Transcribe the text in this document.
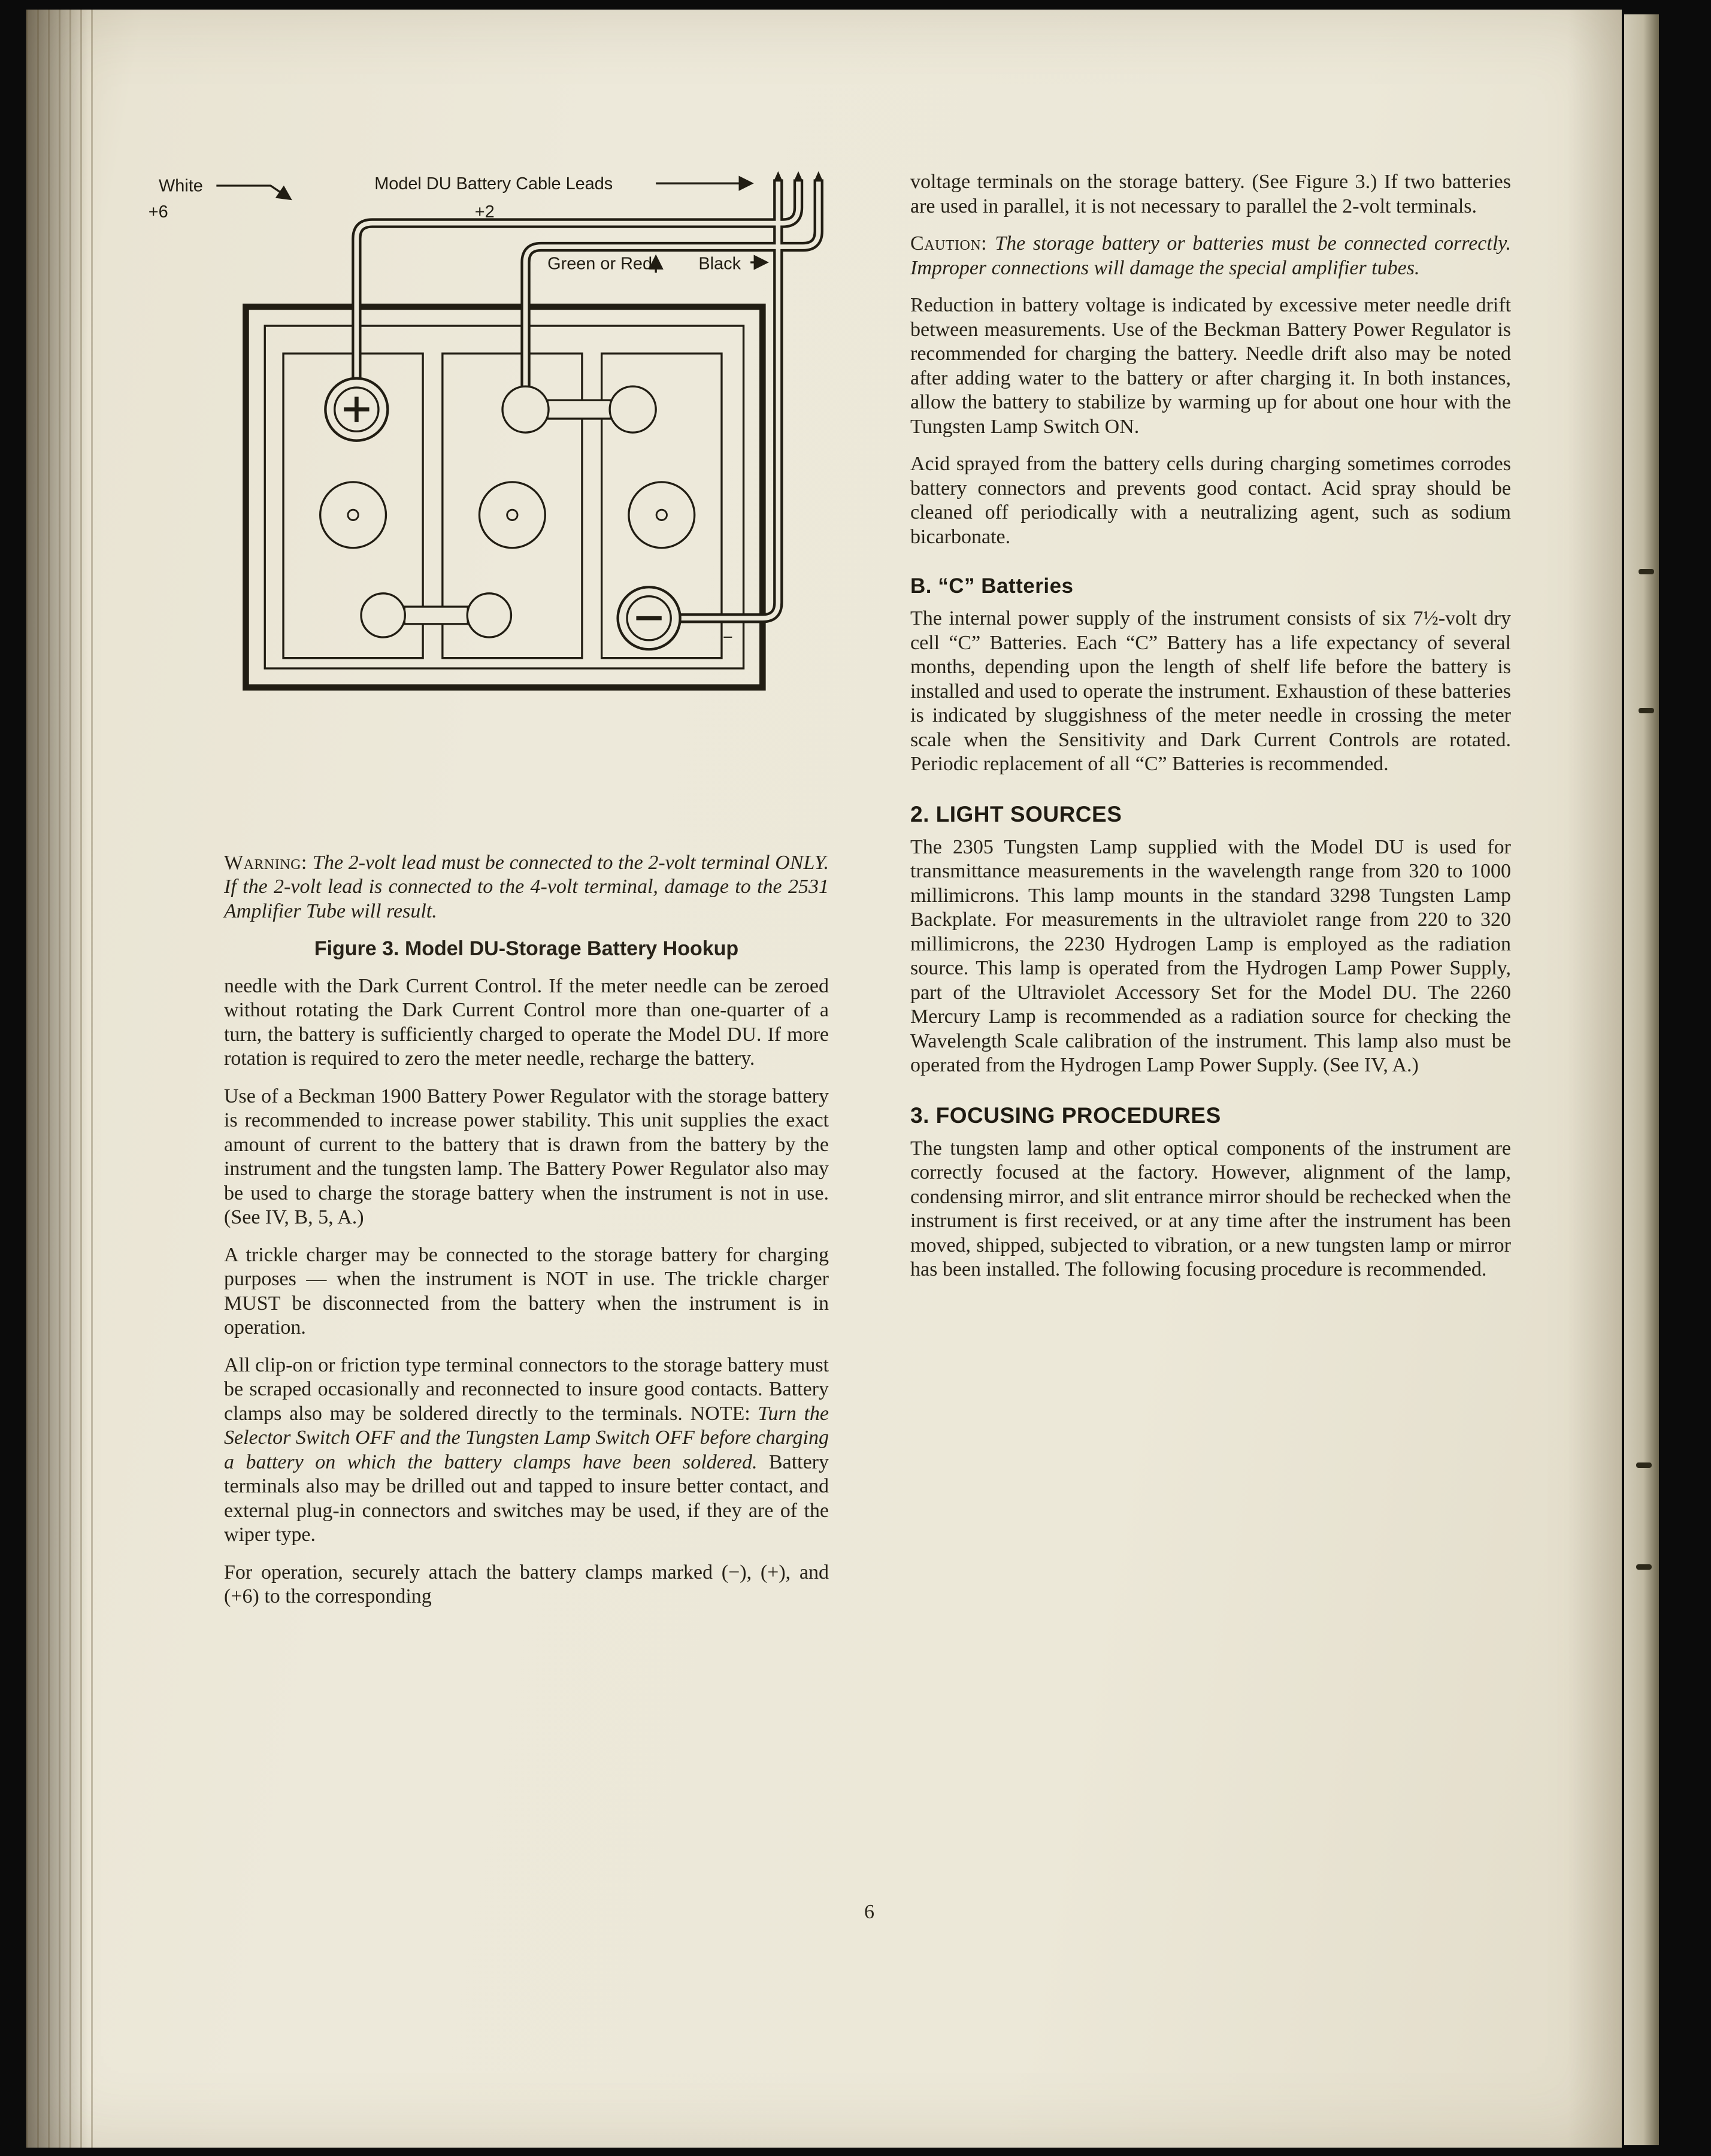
White	Model DU Battery Cable Leads
+6	+2
Green or Red	Black
−

Warning: The 2-volt lead must be connected to the 2-volt terminal ONLY. If the 2-volt lead is connected to the 4-volt terminal, damage to the 2531 Amplifier Tube will result.

Figure 3. Model DU-Storage Battery Hookup

needle with the Dark Current Control. If the meter needle can be zeroed without rotating the Dark Current Control more than one-quarter of a turn, the battery is sufficiently charged to operate the Model DU. If more rotation is required to zero the meter needle, recharge the battery.

Use of a Beckman 1900 Battery Power Regulator with the storage battery is recommended to increase power stability. This unit supplies the exact amount of current to the battery that is drawn from the battery by the instrument and the tungsten lamp. The Battery Power Regulator also may be used to charge the storage battery when the instrument is not in use. (See IV, B, 5, A.)

A trickle charger may be connected to the storage battery for charging purposes — when the instrument is NOT in use. The trickle charger MUST be disconnected from the battery when the instrument is in operation.

All clip-on or friction type terminal connectors to the storage battery must be scraped occasionally and reconnected to insure good contacts. Battery clamps also may be soldered directly to the terminals. NOTE: Turn the Selector Switch OFF and the Tungsten Lamp Switch OFF before charging a battery on which the battery clamps have been soldered. Battery terminals also may be drilled out and tapped to insure better contact, and external plug-in connectors and switches may be used, if they are of the wiper type.

For operation, securely attach the battery clamps marked (−), (+), and (+6) to the corresponding

voltage terminals on the storage battery. (See Figure 3.) If two batteries are used in parallel, it is not necessary to parallel the 2-volt terminals.

Caution: The storage battery or batteries must be connected correctly. Improper connections will damage the special amplifier tubes.

Reduction in battery voltage is indicated by excessive meter needle drift between measurements. Use of the Beckman Battery Power Regulator is recommended for charging the battery. Needle drift also may be noted after adding water to the battery or after charging it. In both instances, allow the battery to stabilize by warming up for about one hour with the Tungsten Lamp Switch ON.

Acid sprayed from the battery cells during charging sometimes corrodes battery connectors and prevents good contact. Acid spray should be cleaned off periodically with a neutralizing agent, such as sodium bicarbonate.

B. “C” Batteries

The internal power supply of the instrument consists of six 7½-volt dry cell “C” Batteries. Each “C” Battery has a life expectancy of several months, depending upon the length of shelf life before the battery is installed and used to operate the instrument. Exhaustion of these batteries is indicated by sluggishness of the meter needle in crossing the meter scale when the Sensitivity and Dark Current Controls are rotated. Periodic replacement of all “C” Batteries is recommended.

2. LIGHT SOURCES

The 2305 Tungsten Lamp supplied with the Model DU is used for transmittance measurements in the wavelength range from 320 to 1000 millimicrons. This lamp mounts in the standard 3298 Tungsten Lamp Backplate. For measurements in the ultraviolet range from 220 to 320 millimicrons, the 2230 Hydrogen Lamp is employed as the radiation source. This lamp is operated from the Hydrogen Lamp Power Supply, part of the Ultraviolet Accessory Set for the Model DU. The 2260 Mercury Lamp is recommended as a radiation source for checking the Wavelength Scale calibration of the instrument. This lamp also must be operated from the Hydrogen Lamp Power Supply. (See IV, A.)

3. FOCUSING PROCEDURES

The tungsten lamp and other optical components of the instrument are correctly focused at the factory. However, alignment of the lamp, condensing mirror, and slit entrance mirror should be rechecked when the instrument is first received, or at any time after the instrument has been moved, shipped, subjected to vibration, or a new tungsten lamp or mirror has been installed. The following focusing procedure is recommended.

6
